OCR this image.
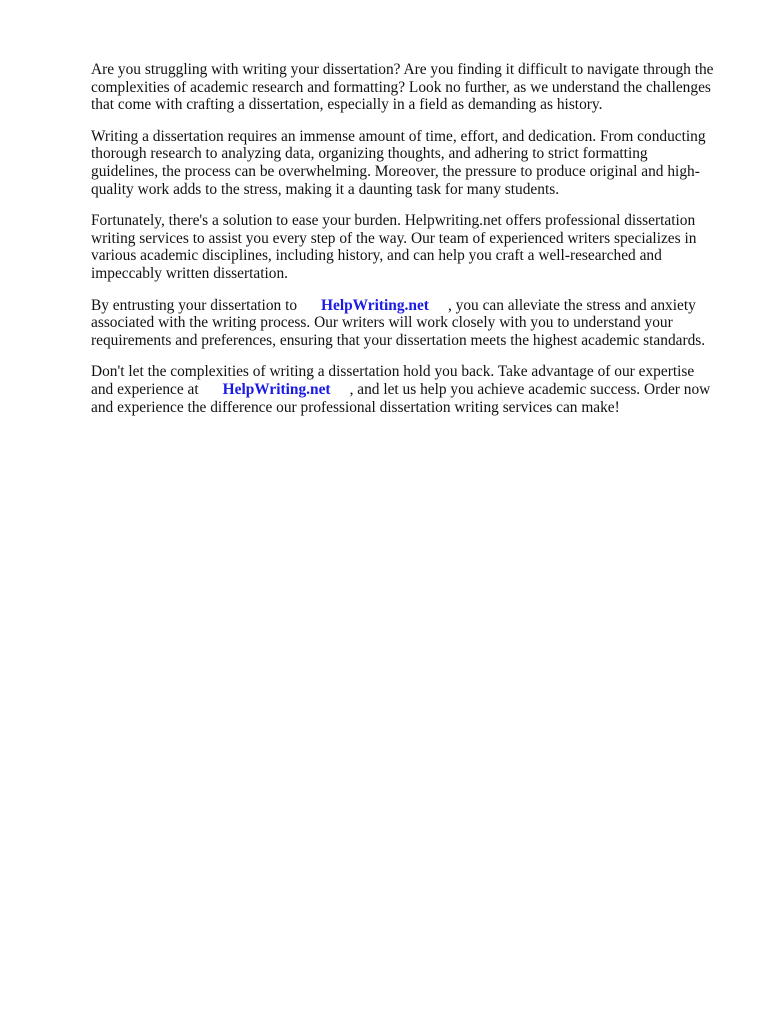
Are you struggling with writing your dissertation? Are you finding it difficult to navigate through the
complexities of academic research and formatting? Look no further, as we understand the challenges
that come with crafting a dissertation, especially in a field as demanding as history.

Writing a dissertation requires an immense amount of time, effort, and dedication. From conducting
thorough research to analyzing data, organizing thoughts, and adhering to strict formatting
guidelines, the process can be overwhelming. Moreover, the pressure to produce original and high-
quality work adds to the stress, making it a daunting task for many students.

Fortunately, there's a solution to ease your burden. Helpwriting.net offers professional dissertation
writing services to assist you every step of the way. Our team of experienced writers specializes in
various academic disciplines, including history, and can help you craft a well-researched and
impeccably written dissertation.

By entrusting your dissertation to HelpWriting.net , you can alleviate the stress and anxiety
associated with the writing process. Our writers will work closely with you to understand your
requirements and preferences, ensuring that your dissertation meets the highest academic standards.

Don't let the complexities of writing a dissertation hold you back. Take advantage of our expertise
and experience at HelpWriting.net , and let us help you achieve academic success. Order now
and experience the difference our professional dissertation writing services can make!
